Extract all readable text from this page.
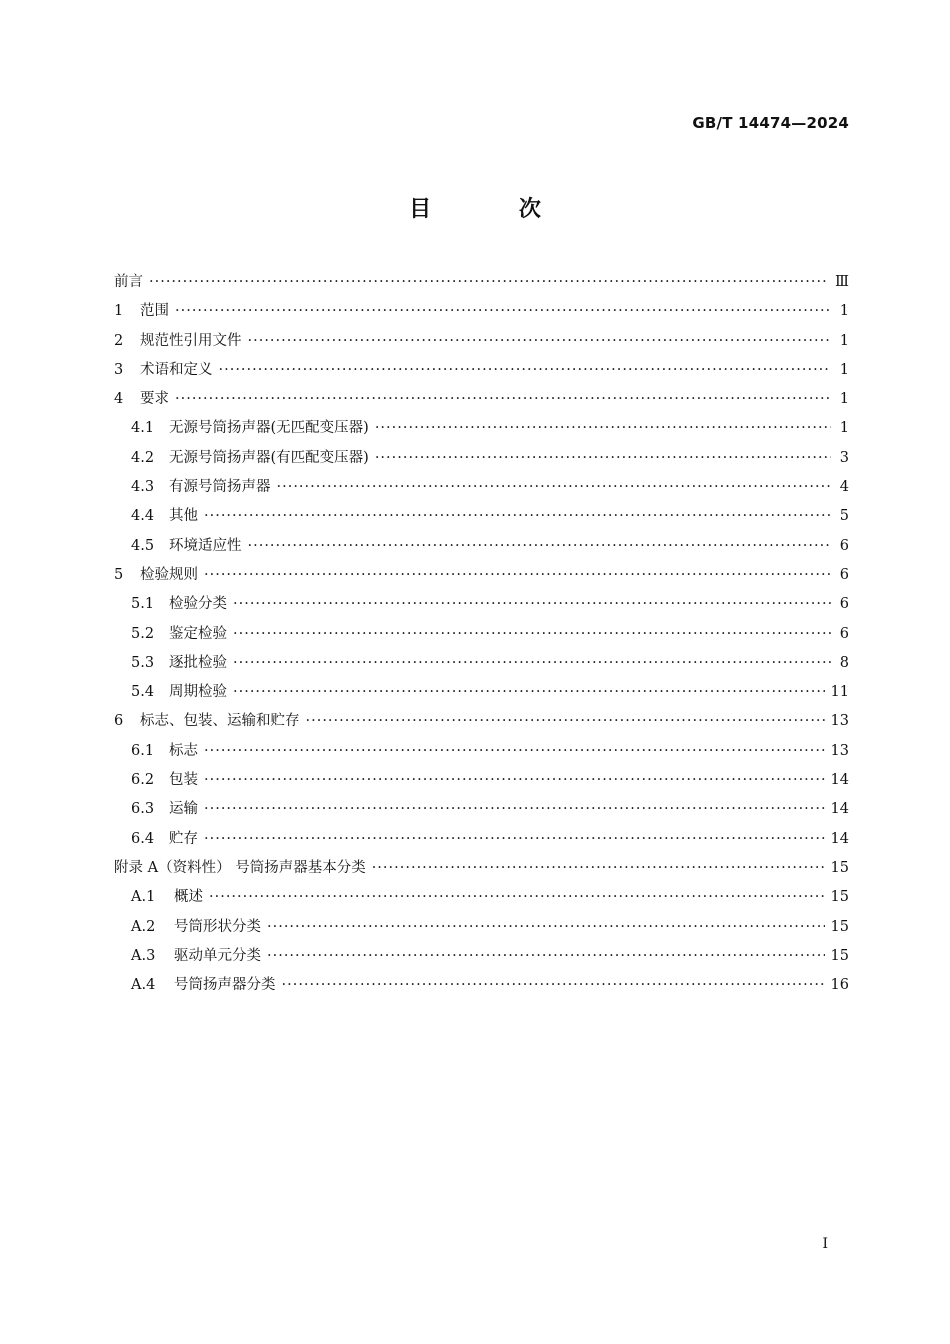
GB/T 14474—2024
目 次
前言 ·····	Ⅲ
1	范围 ·····	1
2	规范性引用文件 ·····	1
3	术语和定义 ·····	1
4	要求 ·····	1
4.1	无源号筒扬声器(无匹配变压器) ·····	1
4.2	无源号筒扬声器(有匹配变压器) ·····	3
4.3	有源号筒扬声器 ·····	4
4.4	其他 ·····	5
4.5	环境适应性 ·····	6
5	检验规则 ·····	6
5.1	检验分类 ·····	6
5.2	鉴定检验 ·····	6
5.3	逐批检验 ·····	8
5.4	周期检验 ·····	11
6	标志、包装、运输和贮存 ·····	13
6.1	标志 ·····	13
6.2	包装 ·····	14
6.3	运输 ·····	14
6.4	贮存 ·····	14
附录 A（资料性） 号筒扬声器基本分类 ·····	15
A.1	概述 ·····	15
A.2	号筒形状分类 ·····	15
A.3	驱动单元分类 ·····	15
A.4	号筒扬声器分类 ·····	16
I
